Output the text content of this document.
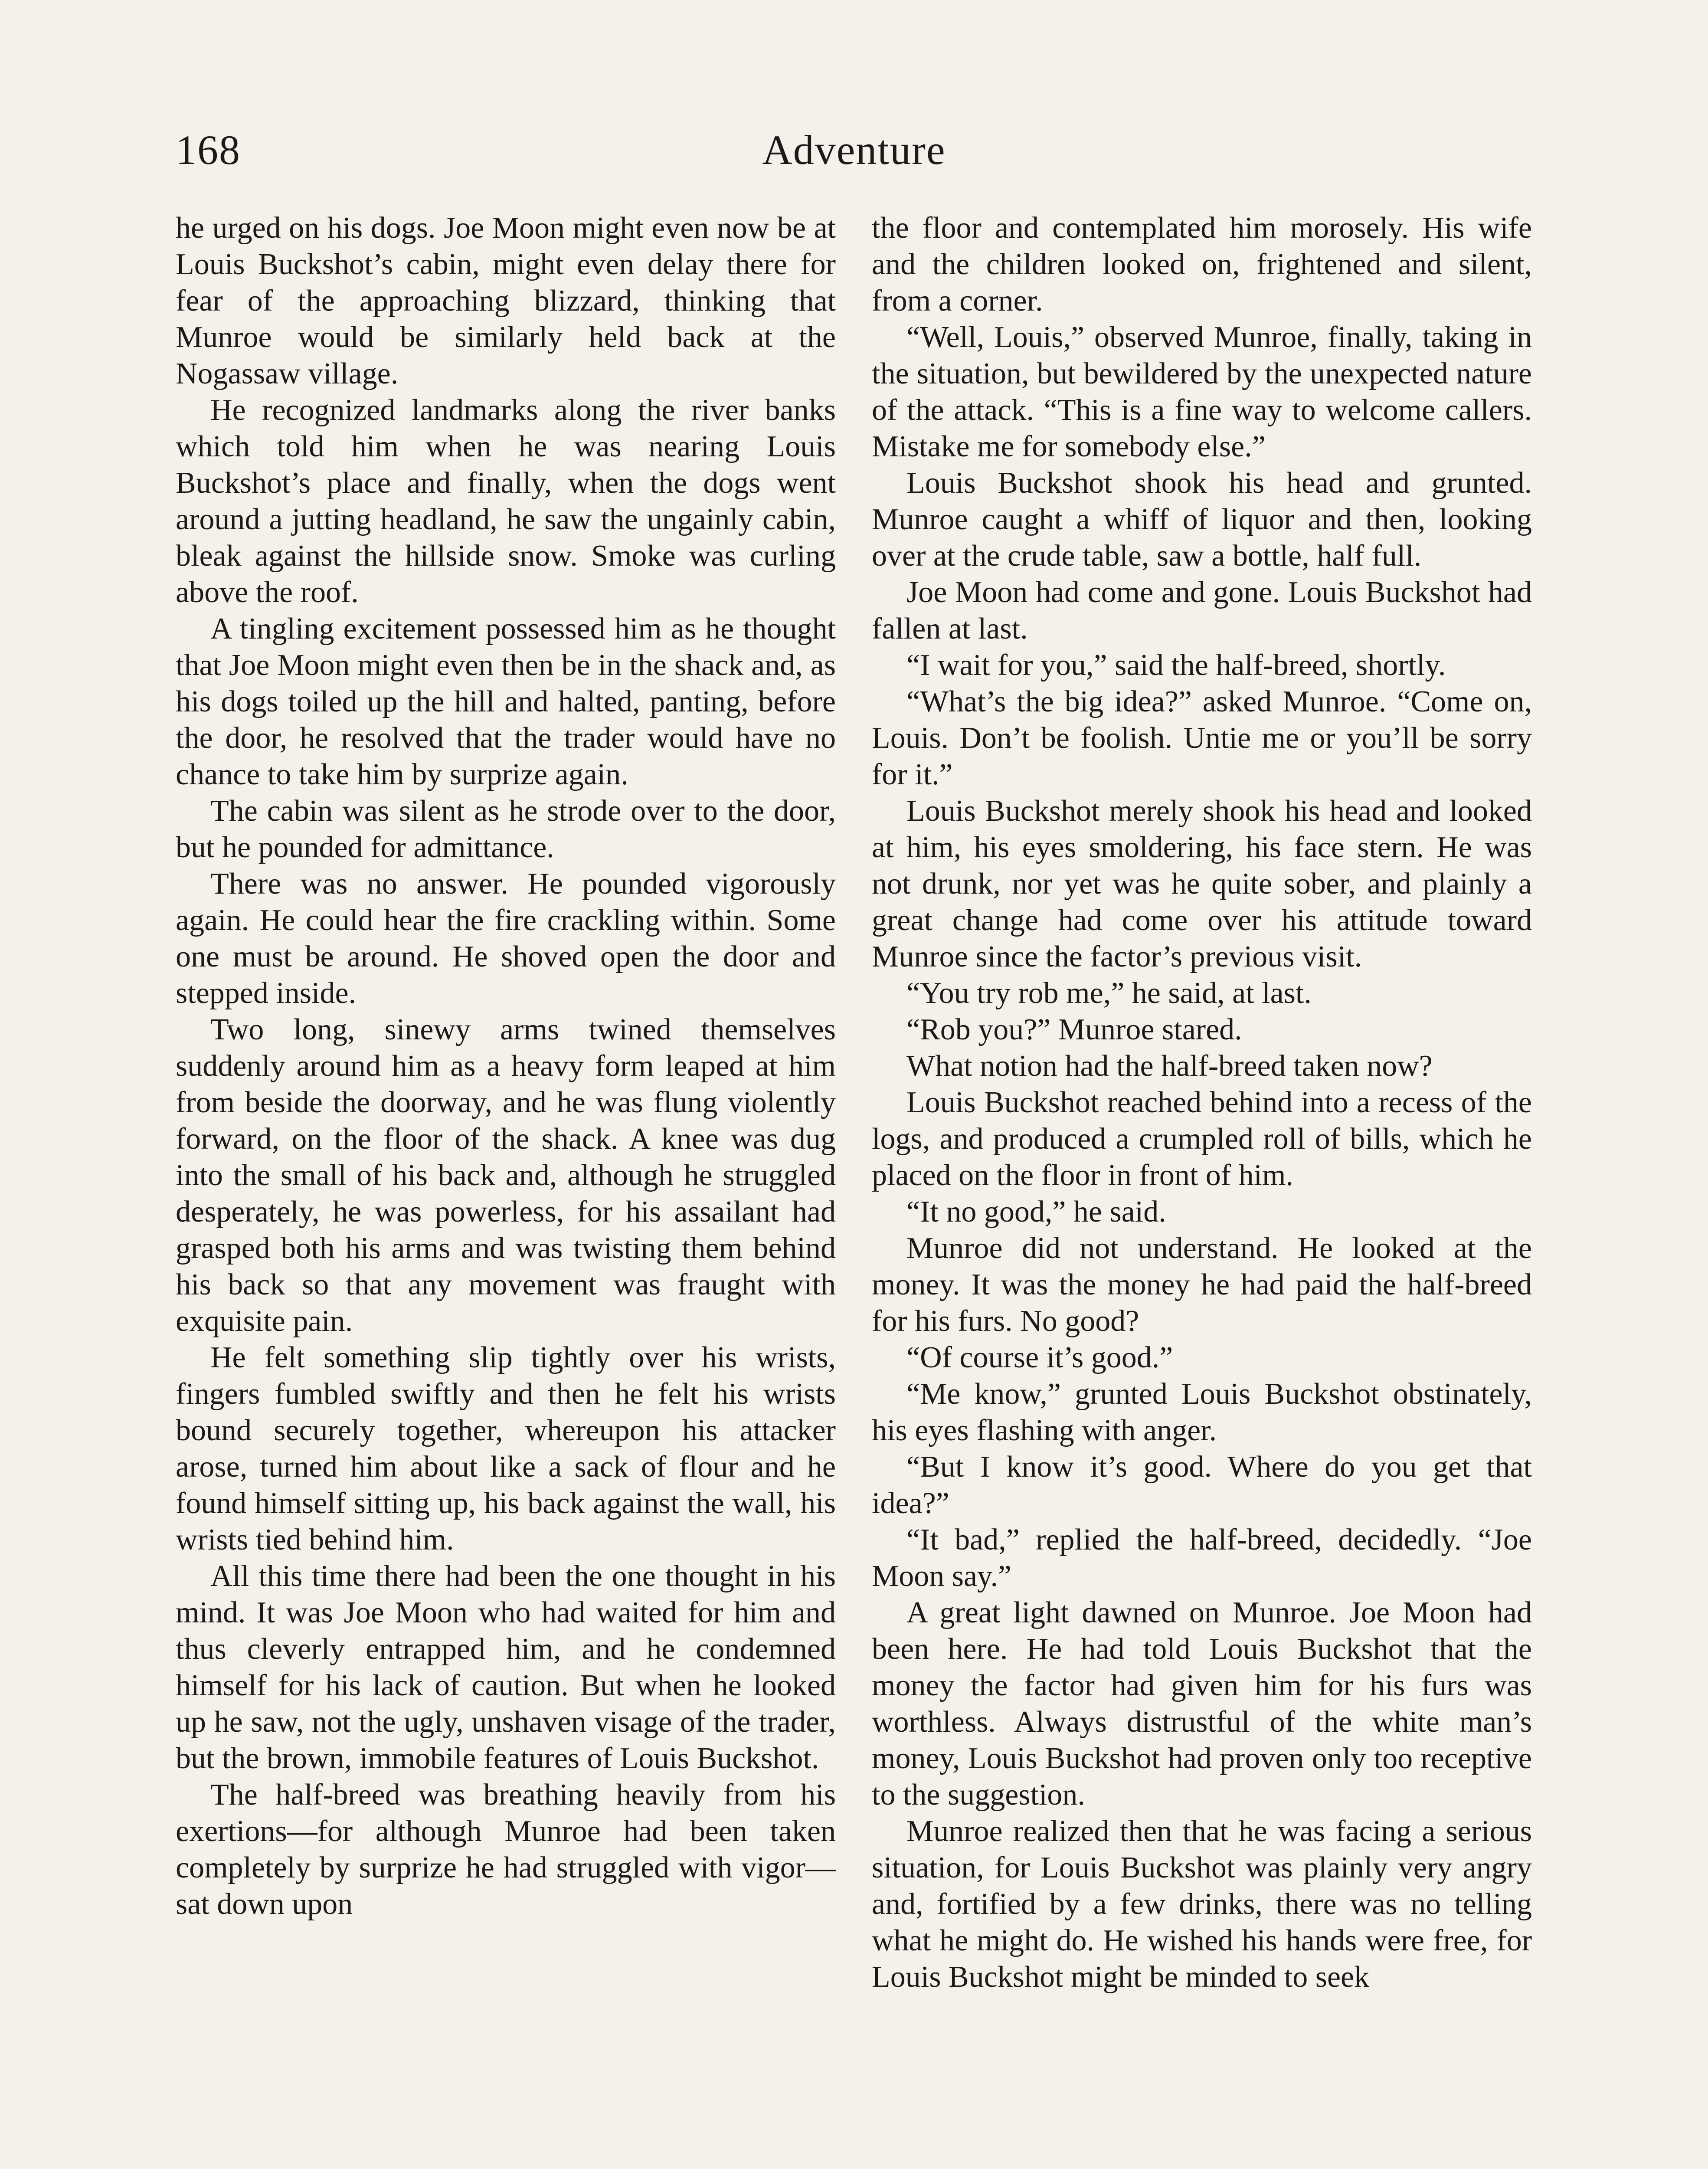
168	Adventure

he urged on his dogs. Joe Moon might even now be at Louis Buckshot’s cabin, might even delay there for fear of the approaching blizzard, thinking that Munroe would be similarly held back at the Nogassaw village.

He recognized landmarks along the river banks which told him when he was nearing Louis Buckshot’s place and finally, when the dogs went around a jutting headland, he saw the ungainly cabin, bleak against the hillside snow. Smoke was curling above the roof.

A tingling excitement possessed him as he thought that Joe Moon might even then be in the shack and, as his dogs toiled up the hill and halted, panting, before the door, he resolved that the trader would have no chance to take him by surprize again.

The cabin was silent as he strode over to the door, but he pounded for admittance.

There was no answer. He pounded vigorously again. He could hear the fire crackling within. Some one must be around. He shoved open the door and stepped inside.

Two long, sinewy arms twined themselves suddenly around him as a heavy form leaped at him from beside the doorway, and he was flung violently forward, on the floor of the shack. A knee was dug into the small of his back and, although he struggled desperately, he was powerless, for his assailant had grasped both his arms and was twisting them behind his back so that any movement was fraught with exquisite pain.

He felt something slip tightly over his wrists, fingers fumbled swiftly and then he felt his wrists bound securely together, whereupon his attacker arose, turned him about like a sack of flour and he found himself sitting up, his back against the wall, his wrists tied behind him.

All this time there had been the one thought in his mind. It was Joe Moon who had waited for him and thus cleverly entrapped him, and he condemned himself for his lack of caution. But when he looked up he saw, not the ugly, unshaven visage of the trader, but the brown, immobile features of Louis Buckshot.

The half-breed was breathing heavily from his exertions—for although Munroe had been taken completely by surprize he had struggled with vigor—sat down upon

the floor and contemplated him morosely. His wife and the children looked on, frightened and silent, from a corner.

“Well, Louis,” observed Munroe, finally, taking in the situation, but bewildered by the unexpected nature of the attack. “This is a fine way to welcome callers. Mistake me for somebody else.”

Louis Buckshot shook his head and grunted. Munroe caught a whiff of liquor and then, looking over at the crude table, saw a bottle, half full.

Joe Moon had come and gone. Louis Buckshot had fallen at last.

“I wait for you,” said the half-breed, shortly.

“What’s the big idea?” asked Munroe. “Come on, Louis. Don’t be foolish. Untie me or you’ll be sorry for it.”

Louis Buckshot merely shook his head and looked at him, his eyes smoldering, his face stern. He was not drunk, nor yet was he quite sober, and plainly a great change had come over his attitude toward Munroe since the factor’s previous visit.

“You try rob me,” he said, at last.

“Rob you?” Munroe stared.

What notion had the half-breed taken now?

Louis Buckshot reached behind into a recess of the logs, and produced a crumpled roll of bills, which he placed on the floor in front of him.

“It no good,” he said.

Munroe did not understand. He looked at the money. It was the money he had paid the half-breed for his furs. No good?

“Of course it’s good.”

“Me know,” grunted Louis Buckshot obstinately, his eyes flashing with anger.

“But I know it’s good. Where do you get that idea?”

“It bad,” replied the half-breed, decidedly. “Joe Moon say.”

A great light dawned on Munroe. Joe Moon had been here. He had told Louis Buckshot that the money the factor had given him for his furs was worthless. Always distrustful of the white man’s money, Louis Buckshot had proven only too receptive to the suggestion.

Munroe realized then that he was facing a serious situation, for Louis Buckshot was plainly very angry and, fortified by a few drinks, there was no telling what he might do. He wished his hands were free, for Louis Buckshot might be minded to seek
